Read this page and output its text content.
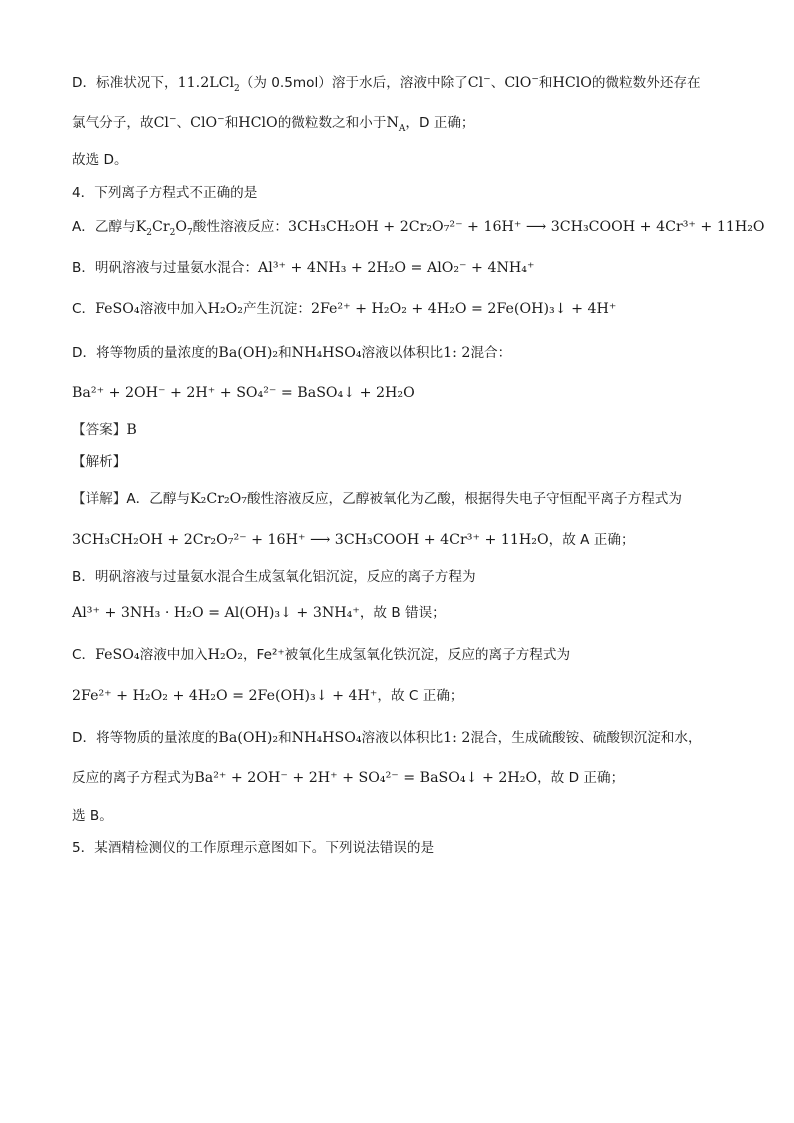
D．标准状况下，11.2LCl$_2$（为 0.5mol）溶于水后，溶液中除了Cl−、ClO−和HClO的微粒数外还存在
氯气分子，故Cl−、ClO−和HClO的微粒数之和小于$N_A$，D 正确；
故选 D。
4．下列离子方程式不正确的是
A．乙醇与$K_2Cr_2O_7$酸性溶液反应：3CH₃CH₂OH + 2Cr₂O₇²⁻ + 16H⁺ ⟶ 3CH₃COOH + 4Cr³⁺ + 11H₂O
B．明矾溶液与过量氨水混合：Al³⁺ + 4NH₃ + 2H₂O = AlO₂⁻ + 4NH₄⁺
C．FeSO₄溶液中加入H₂O₂产生沉淀：2Fe²⁺ + H₂O₂ + 4H₂O = 2Fe(OH)₃↓ + 4H⁺
D．将等物质的量浓度的Ba(OH)₂和NH₄HSO₄溶液以体积比1: 2混合：
Ba²⁺ + 2OH⁻ + 2H⁺ + SO₄²⁻ = BaSO₄↓ + 2H₂O
【答案】B
【解析】
【详解】A．乙醇与K₂Cr₂O₇酸性溶液反应，乙醇被氧化为乙酸，根据得失电子守恒配平离子方程式为
3CH₃CH₂OH + 2Cr₂O₇²⁻ + 16H⁺ ⟶ 3CH₃COOH + 4Cr³⁺ + 11H₂O，故 A 正确；
B．明矾溶液与过量氨水混合生成氢氧化铝沉淀，反应的离子方程为
Al³⁺ + 3NH₃ · H₂O = Al(OH)₃↓ + 3NH₄⁺，故 B 错误；
C．FeSO₄溶液中加入H₂O₂，Fe²⁺被氧化生成氢氧化铁沉淀，反应的离子方程式为
2Fe²⁺ + H₂O₂ + 4H₂O = 2Fe(OH)₃↓ + 4H⁺，故 C 正确；
D．将等物质的量浓度的Ba(OH)₂和NH₄HSO₄溶液以体积比1: 2混合，生成硫酸铵、硫酸钡沉淀和水，
反应的离子方程式为Ba²⁺ + 2OH⁻ + 2H⁺ + SO₄²⁻ = BaSO₄↓ + 2H₂O，故 D 正确；
选 B。
5．某酒精检测仪的工作原理示意图如下。下列说法错误的是
